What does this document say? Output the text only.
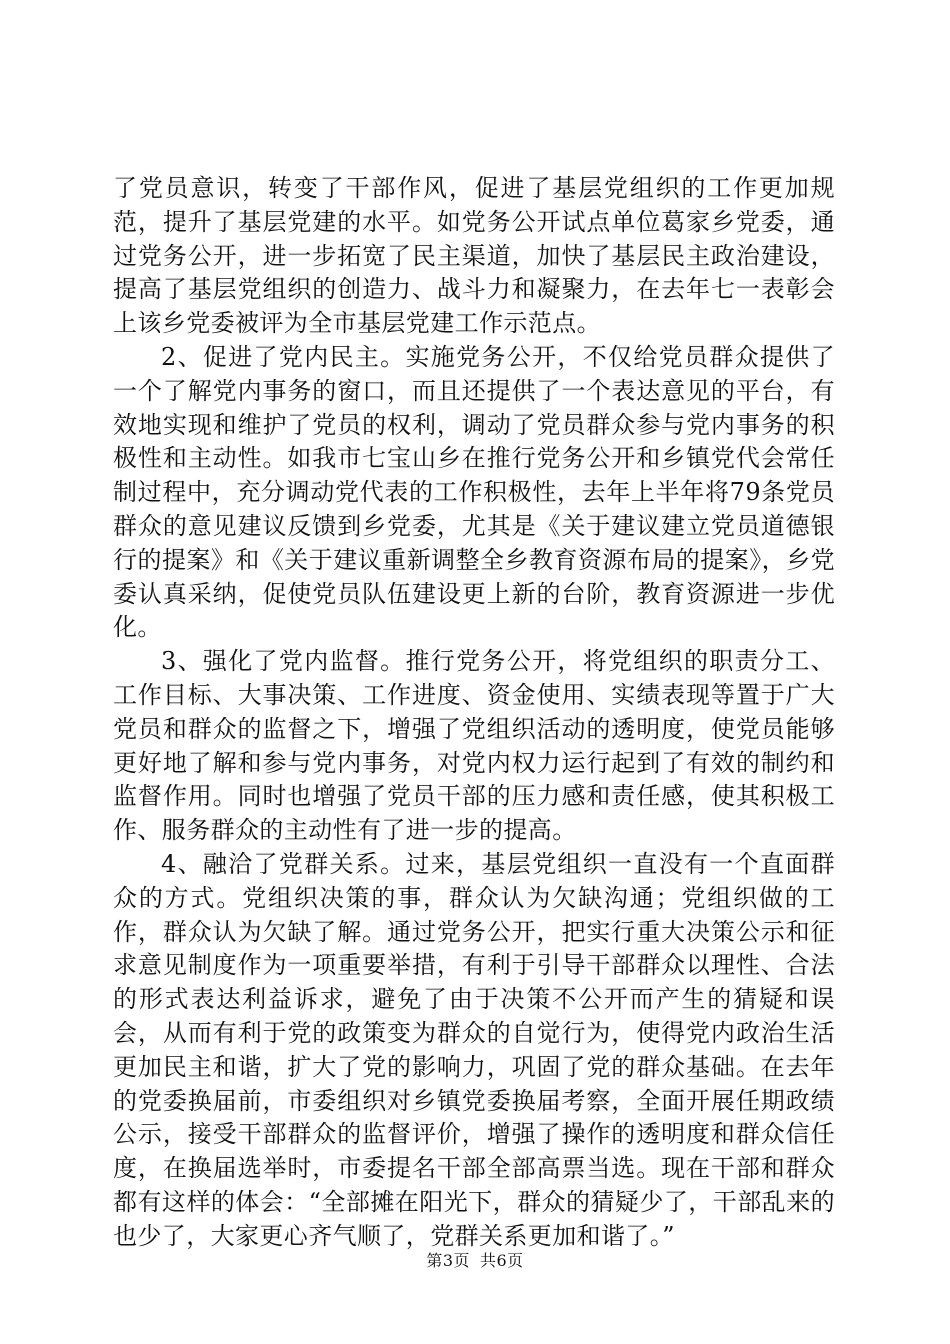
了党员意识，转变了干部作风，促进了基层党组织的工作更加规范，提升了基层党建的水平。如党务公开试点单位葛家乡党委，通过党务公开，进一步拓宽了民主渠道，加快了基层民主政治建设，提高了基层党组织的创造力、战斗力和凝聚力，在去年七一表彰会上该乡党委被评为全市基层党建工作示范点。

2、促进了党内民主。实施党务公开，不仅给党员群众提供了一个了解党内事务的窗口，而且还提供了一个表达意见的平台，有效地实现和维护了党员的权利，调动了党员群众参与党内事务的积极性和主动性。如我市七宝山乡在推行党务公开和乡镇党代会常任制过程中，充分调动党代表的工作积极性，去年上半年将79条党员群众的意见建议反馈到乡党委，尤其是《关于建议建立党员道德银行的提案》和《关于建议重新调整全乡教育资源布局的提案》，乡党委认真采纳，促使党员队伍建设更上新的台阶，教育资源进一步优化。

3、强化了党内监督。推行党务公开，将党组织的职责分工、工作目标、大事决策、工作进度、资金使用、实绩表现等置于广大党员和群众的监督之下，增强了党组织活动的透明度，使党员能够更好地了解和参与党内事务，对党内权力运行起到了有效的制约和监督作用。同时也增强了党员干部的压力感和责任感，使其积极工作、服务群众的主动性有了进一步的提高。

4、融洽了党群关系。过来，基层党组织一直没有一个直面群众的方式。党组织决策的事，群众认为欠缺沟通；党组织做的工作，群众认为欠缺了解。通过党务公开，把实行重大决策公示和征求意见制度作为一项重要举措，有利于引导干部群众以理性、合法的形式表达利益诉求，避免了由于决策不公开而产生的猜疑和误会，从而有利于党的政策变为群众的自觉行为，使得党内政治生活更加民主和谐，扩大了党的影响力，巩固了党的群众基础。在去年的党委换届前，市委组织对乡镇党委换届考察，全面开展任期政绩公示，接受干部群众的监督评价，增强了操作的透明度和群众信任度，在换届选举时，市委提名干部全部高票当选。现在干部和群众都有这样的体会：“全部摊在阳光下，群众的猜疑少了，干部乱来的也少了，大家更心齐气顺了，党群关系更加和谐了。”

第3页 共6页
